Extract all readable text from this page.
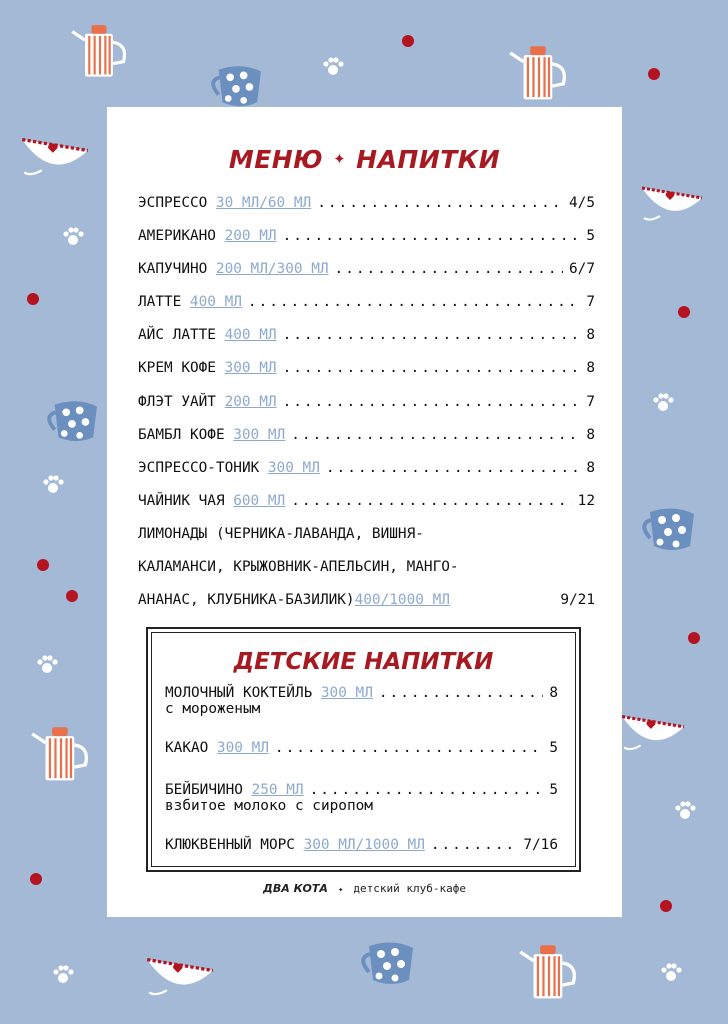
МЕНЮ ✦ НАПИТКИ
ЭСПРЕССО 30 МЛ/60 МЛ .....	4/5
АМЕРИКАНО 200 МЛ .....	5
КАПУЧИНО 200 МЛ/300 МЛ .....	6/7
ЛАТТЕ 400 МЛ .....	7
АЙС ЛАТТЕ 400 МЛ .....	8
КРЕМ КОФЕ 300 МЛ .....	8
ФЛЭТ УАЙТ 200 МЛ .....	7
БАМБЛ КОФЕ 300 МЛ .....	8
ЭСПРЕССО-ТОНИК 300 МЛ .....	8
ЧАЙНИК ЧАЯ 600 МЛ .....	12
ЛИМОНАДЫ (ЧЕРНИКА-ЛАВАНДА, ВИШНЯ-
КАЛАМАНСИ, КРЫЖОВНИК-АПЕЛЬСИН, МАНГО-
АНАНАС, КЛУБНИКА-БАЗИЛИК) 400/1000 МЛ	9/21
ДЕТСКИЕ НАПИТКИ
МОЛОЧНЫЙ КОКТЕЙЛЬ 300 МЛ .....	8
с мороженым
КАКАО 300 МЛ .....	5
БЕЙБИЧИНО 250 МЛ .....	5
взбитое молоко с сиропом
КЛЮКВЕННЫЙ МОРС 300 МЛ/1000 МЛ .....	7/16
ДВА КОТА ✦ детский клуб-кафе
